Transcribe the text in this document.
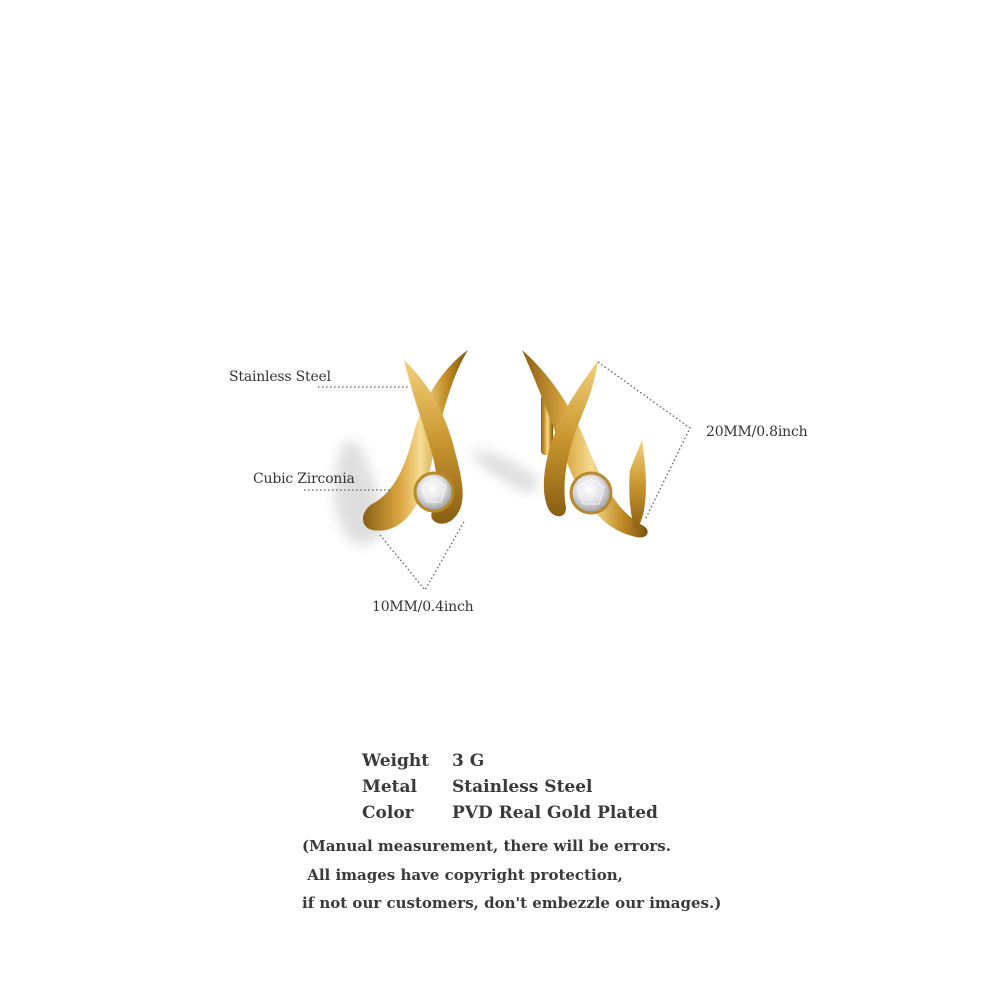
Stainless Steel
Cubic Zirconia
20MM/0.8inch
10MM/0.4inch
Weight	3 G
Metal	Stainless Steel
Color	PVD Real Gold Plated
(Manual measurement, there will be errors.
All images have copyright protection,
if not our customers, don't embezzle our images.)
